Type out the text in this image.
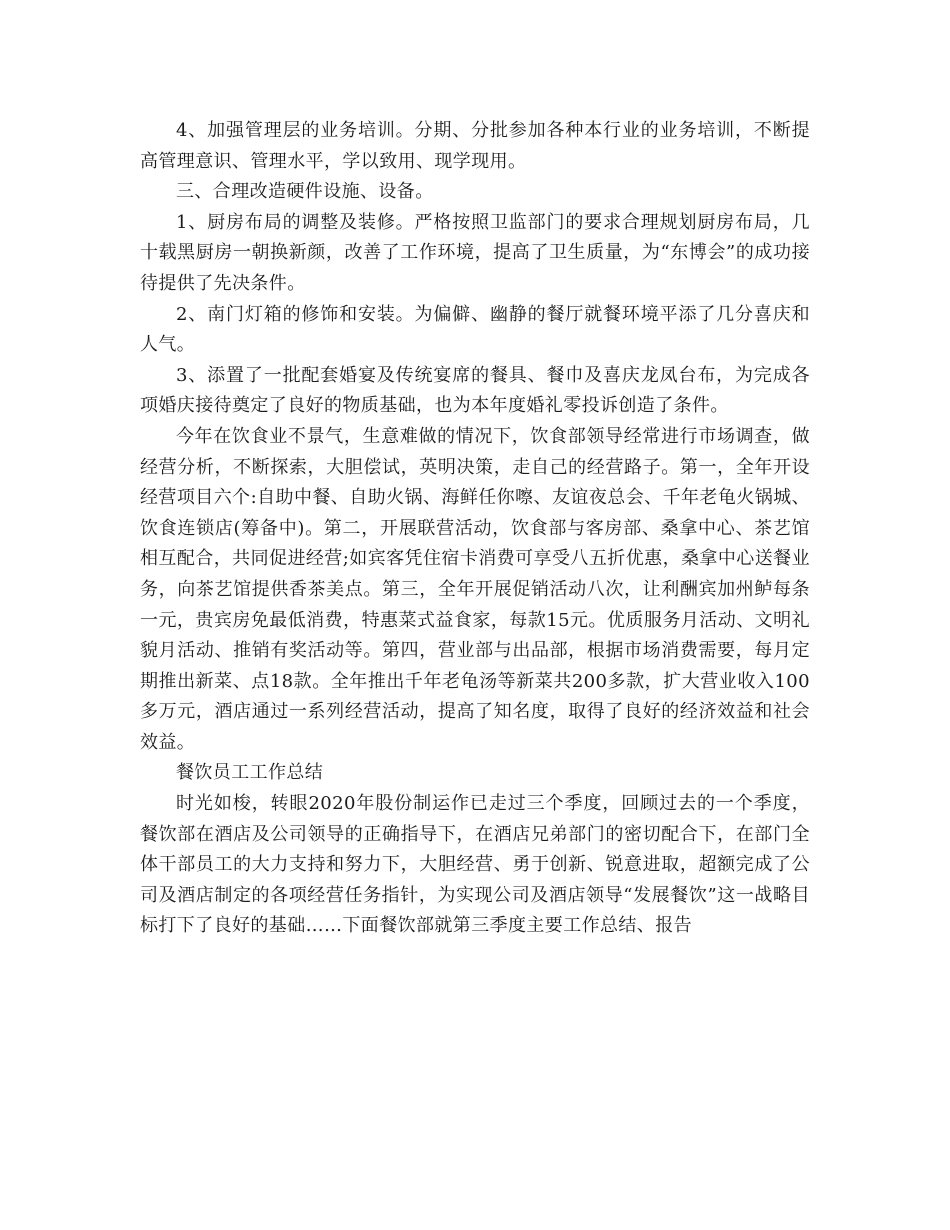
4、加强管理层的业务培训。分期、分批参加各种本行业的业务培训，不断提高管理意识、管理水平，学以致用、现学现用。

三、合理改造硬件设施、设备。

1、厨房布局的调整及装修。严格按照卫监部门的要求合理规划厨房布局，几十载黑厨房一朝换新颜，改善了工作环境，提高了卫生质量，为“东博会”的成功接待提供了先决条件。

2、南门灯箱的修饰和安装。为偏僻、幽静的餐厅就餐环境平添了几分喜庆和人气。

3、添置了一批配套婚宴及传统宴席的餐具、餐巾及喜庆龙凤台布，为完成各项婚庆接待奠定了良好的物质基础，也为本年度婚礼零投诉创造了条件。

今年在饮食业不景气，生意难做的情况下，饮食部领导经常进行市场调查，做经营分析，不断探索，大胆偿试，英明决策，走自己的经营路子。第一，全年开设经营项目六个:自助中餐、自助火锅、海鲜任你嚓、友谊夜总会、千年老龟火锅城、饮食连锁店(筹备中)。第二，开展联营活动，饮食部与客房部、桑拿中心、茶艺馆相互配合，共同促进经营;如宾客凭住宿卡消费可享受八五折优惠，桑拿中心送餐业务，向茶艺馆提供香茶美点。第三，全年开展促销活动八次，让利酬宾加州鲈每条一元，贵宾房免最低消费，特惠菜式益食家，每款15元。优质服务月活动、文明礼貌月活动、推销有奖活动等。第四，营业部与出品部，根据市场消费需要，每月定期推出新菜、点18款。全年推出千年老龟汤等新菜共200多款，扩大营业收入100多万元，酒店通过一系列经营活动，提高了知名度，取得了良好的经济效益和社会效益。

餐饮员工工作总结

时光如梭，转眼2020年股份制运作已走过三个季度，回顾过去的一个季度，餐饮部在酒店及公司领导的正确指导下，在酒店兄弟部门的密切配合下，在部门全体干部员工的大力支持和努力下，大胆经营、勇于创新、锐意进取，超额完成了公司及酒店制定的各项经营任务指针，为实现公司及酒店领导“发展餐饮”这一战略目标打下了良好的基础……下面餐饮部就第三季度主要工作总结、报告
